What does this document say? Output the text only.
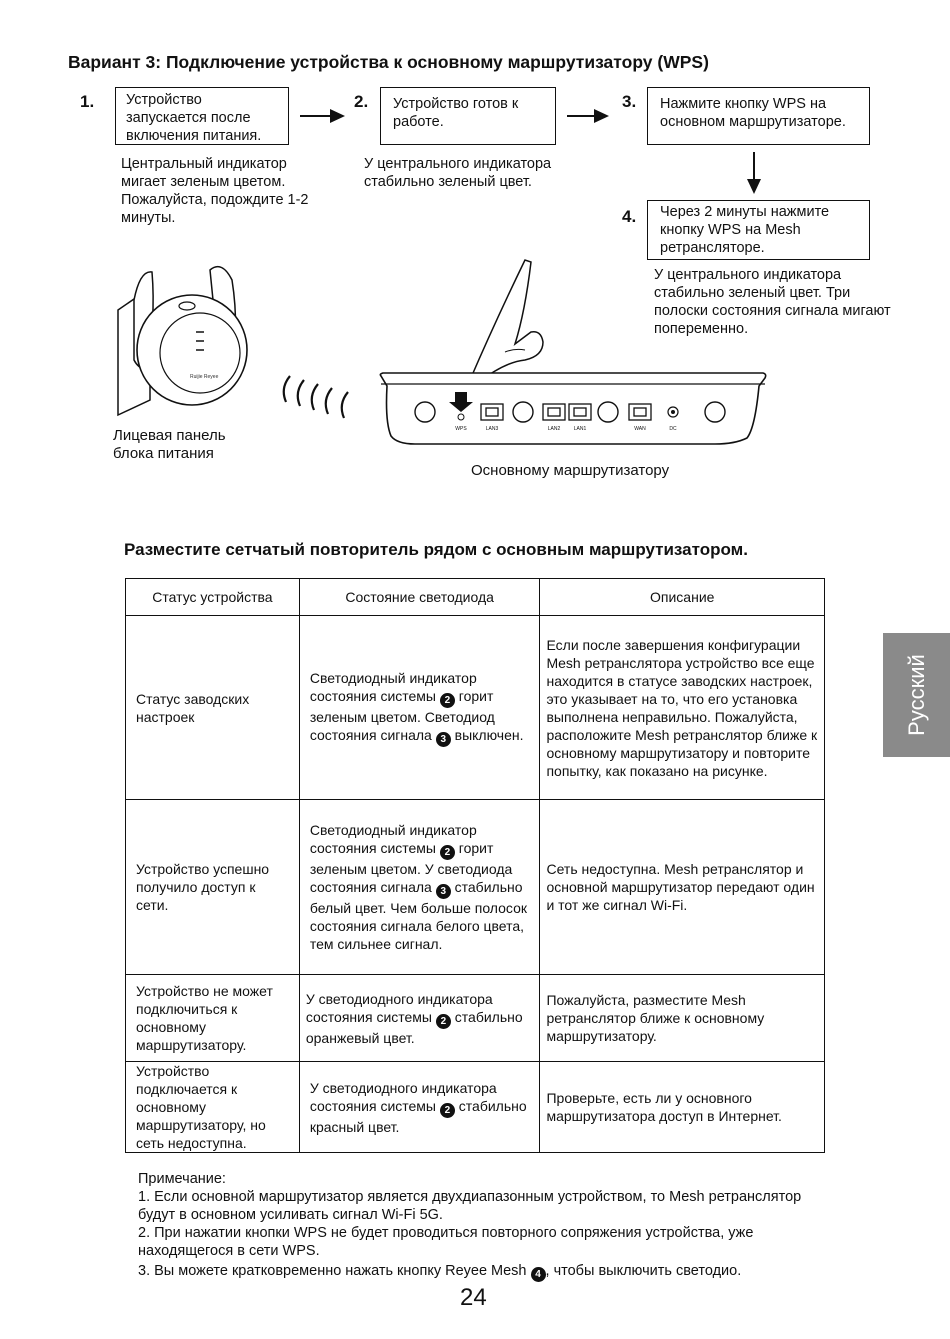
Вариант 3: Подключение устройства к основному маршрутизатору (WPS)
1.	Устройство запускается после включения питания.
Центральный индикатор мигает зеленым цветом. Пожалуйста, подождите 1-2 минуты.
2.	Устройство готов к работе.
У центрального индикатора стабильно зеленый цвет.
3.	Нажмите кнопку WPS на основном маршрутизаторе.
4.	Через 2 минуты нажмите кнопку WPS на Mesh ретрансляторе.
У центрального индикатора стабильно зеленый цвет. Три полоски состояния сигнала мигают попеременно.
Ruijie Reyee
Лицевая панель блока питания
WPS	LAN3	LAN2	LAN1	WAN	DC
Основному маршрутизатору
Разместите сетчатый повторитель рядом с основным маршрутизатором.
Статус устройства	Состояние светодиода	Описание
Статус заводских настроек	Светодиодный индикатор состояния системы 2 горит зеленым цветом. Светодиод состояния сигнала 3 выключен.	Если после завершения конфигурации Mesh ретранслятора устройство все еще находится в статусе заводских настроек, это указывает на то, что его установка выполнена неправильно. Пожалуйста, расположите Mesh ретранслятор ближе к основному маршрутизатору и повторите попытку, как показано на рисунке.
Устройство успешно получило доступ к сети.	Светодиодный индикатор состояния системы 2 горит зеленым цветом. У светодиода состояния сигнала 3 стабильно белый цвет. Чем больше полосок состояния сигнала белого цвета, тем сильнее сигнал.	Сеть недоступна. Mesh ретранслятор и основной маршрутизатор передают один и тот же сигнал Wi-Fi.
Устройство не может подключиться к основному маршрутизатору.	У светодиодного индикатора состояния системы 2 стабильно оранжевый цвет.	Пожалуйста, разместите Mesh ретранслятор ближе к основному маршрутизатору.
Устройство подключается к основному маршрутизатору, но сеть недоступна.	У светодиодного индикатора состояния системы 2 стабильно красный цвет.	Проверьте, есть ли у основного маршрутизатора доступ в Интернет.

Примечание:

1. Если основной маршрутизатор является двухдиапазонным устройством, то Mesh ретранслятор будут в основном усиливать сигнал Wi-Fi 5G.

2. При нажатии кнопки WPS не будет проводиться повторного сопряжения устройства, уже находящегося в сети WPS.

3. Вы можете кратковременно нажать кнопку Reyee Mesh 4 , чтобы выключить светодио.

24
Русский
